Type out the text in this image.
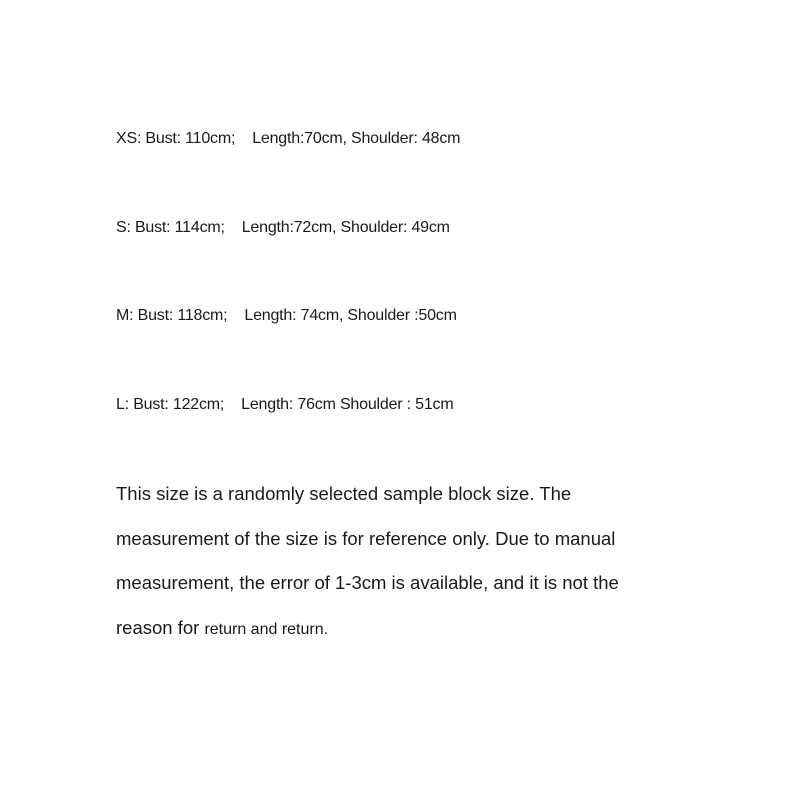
XS: Bust: 110cm;    Length:70cm, Shoulder: 48cm
S: Bust: 114cm;    Length:72cm, Shoulder: 49cm
M: Bust: 118cm;    Length: 74cm, Shoulder :50cm
L: Bust: 122cm;    Length: 76cm Shoulder : 51cm
This size is a randomly selected sample block size. The
measurement of the size is for reference only. Due to manual
measurement, the error of 1-3cm is available, and it is not the
reason for return and return.
